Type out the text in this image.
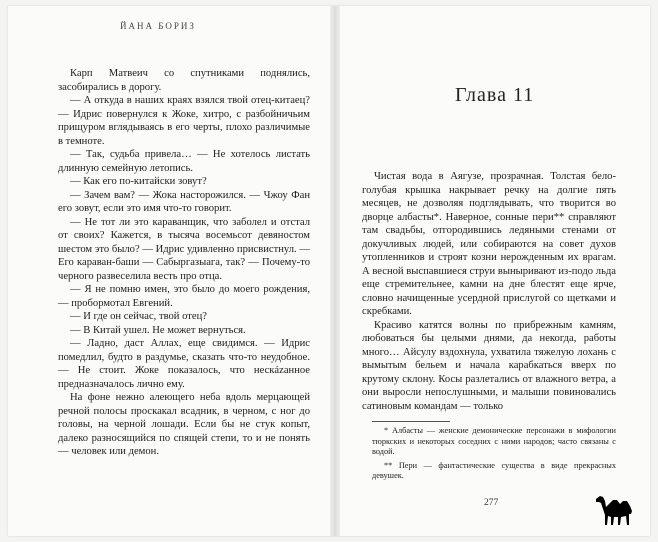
ЙАНА БОРИЗ

Карп Матвеич со спутниками поднялись, засобирались в дорогу.

— А откуда в наших краях взялся твой отец-китаец? — Идрис повернулся к Жоке, хитро, с разбойничьим прищуром вглядываясь в его черты, плохо различимые в темноте.

— Так, судьба привела… — Не хотелось листать длинную семейную летопись.

— Как его по-китайски зовут?

— Зачем вам? — Жока насторожился. — Чжоу Фан его зовут, если это имя что-то говорит.

— Не тот ли это караванщик, что заболел и отстал от своих? Кажется, в тысяча восемьсот девяностом шестом это было? — Идрис удивленно присвистнул. — Его караван-баши — Сабыргазыага, так? — Почему-то черного развеселила весть про отца.

— Я не помню имен, это было до моего рождения, — пробормотал Евгений.

— И где он сейчас, твой отец?

— В Китай ушел. Не может вернуться.

— Ладно, даст Аллах, еще свидимся. — Идрис помедлил, будто в раздумье, сказать что-то неудобное. — Не стоит. Жоке показалось, что нескázанное предназначалось лично ему.

На фоне нежно алеющего неба вдоль мерцающей речной полосы проскакал всадник, в черном, с ног до головы, на черной лошади. Если бы не стук копыт, далеко разносящийся по спящей степи, то и не понять — человек или демон.

Глава 11

Чистая вода в Аягузе, прозрачная. Толстая бело-голубая крышка накрывает речку на долгие пять месяцев, не дозволяя подглядывать, что творится во дворце албасты*. Наверное, сонные пери** справляют там свадьбы, отгородившись ледяными стенами от докучливых людей, или собираются на совет духов утопленников и строят козни нерожденным их врагам. А весной выспавшиеся струи выныривают из-подо льда еще стремительнее, камни на дне блестят еще ярче, словно начищенные усердной прислугой со щетками и скребками.

Красиво катятся волны по прибрежным камням, любоваться бы целыми днями, да некогда, работы много… Айсулу вздохнула, ухватила тяжелую лохань с вымытым бельем и начала карабкаться вверх по крутому склону. Косы разлетались от влажного ветра, а они выросли непослушными, и малыши повиновались сатиновым командам — только

* Албасты — женские демонические персонажи в мифологии тюркских и некоторых соседних с ними народов; часто связаны с водой.

** Пери — фантастические существа в виде прекрасных девушек.

277
